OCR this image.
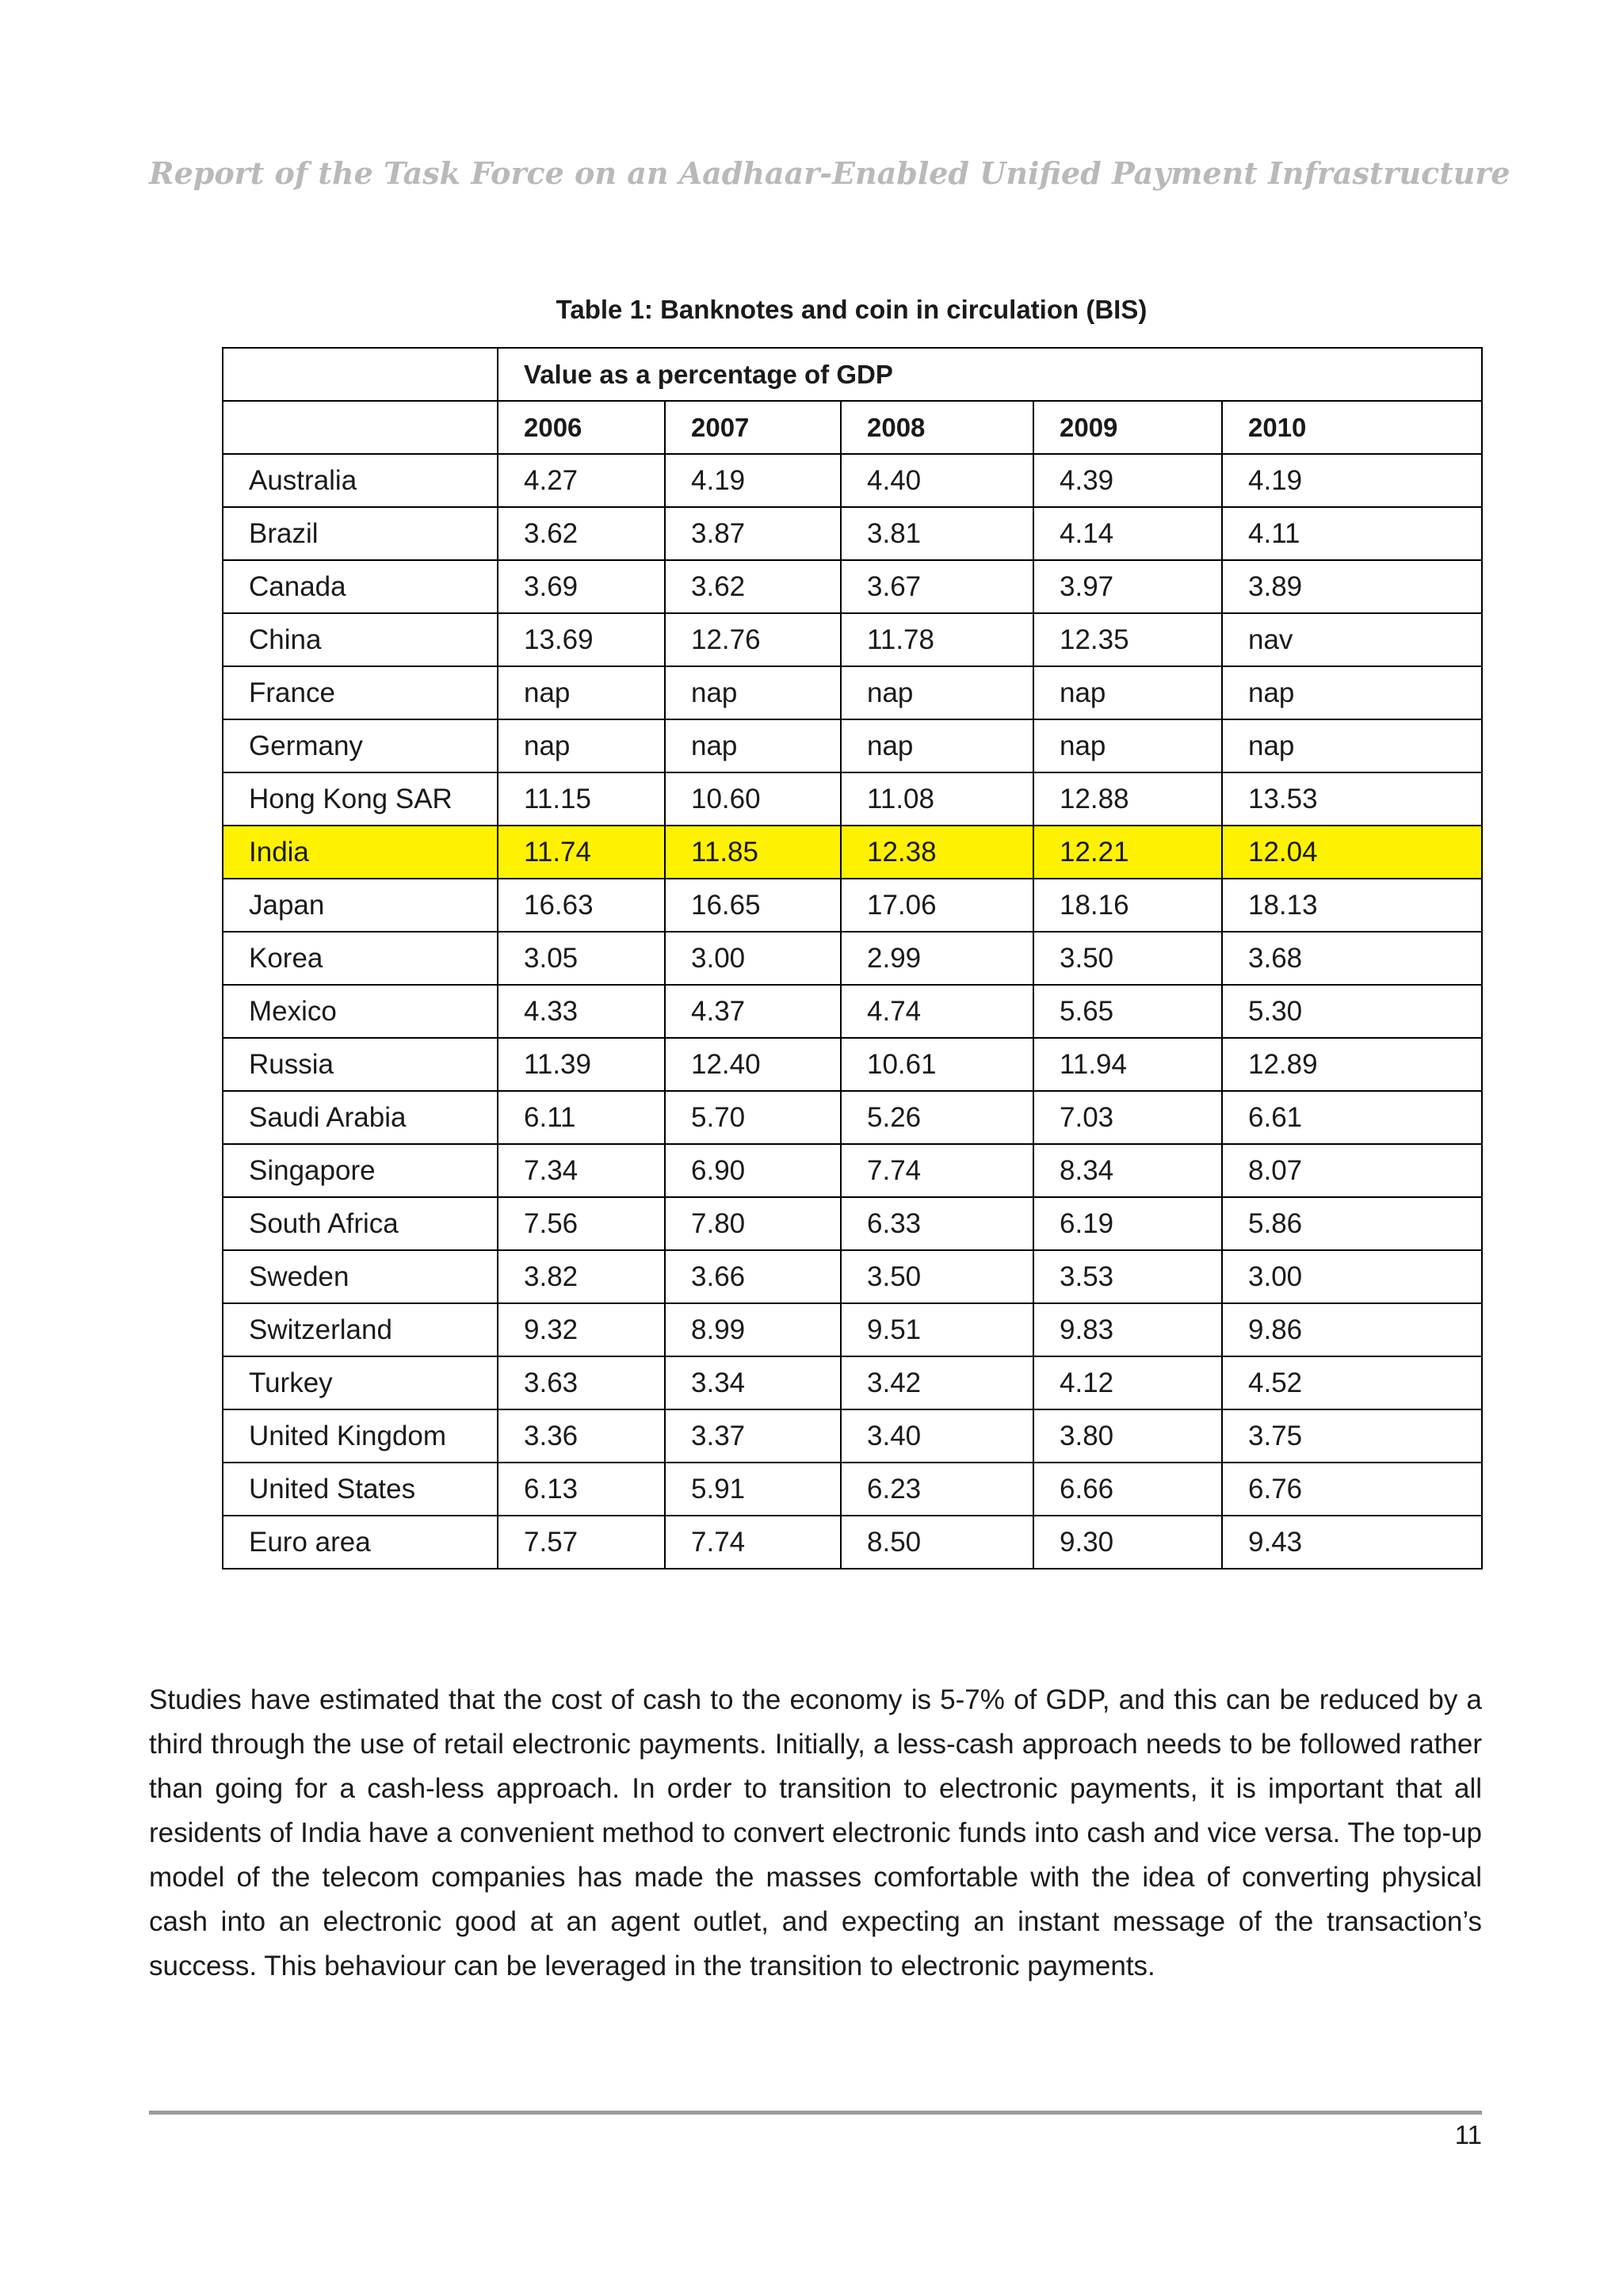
Report of the Task Force on an Aadhaar-Enabled Unified Payment Infrastructure
Table 1: Banknotes and coin in circulation (BIS)
	Value as a percentage of GDP				
	2006	2007	2008	2009	2010
Australia	4.27	4.19	4.40	4.39	4.19
Brazil	3.62	3.87	3.81	4.14	4.11
Canada	3.69	3.62	3.67	3.97	3.89
China	13.69	12.76	11.78	12.35	nav
France	nap	nap	nap	nap	nap
Germany	nap	nap	nap	nap	nap
Hong Kong SAR	11.15	10.60	11.08	12.88	13.53
India	11.74	11.85	12.38	12.21	12.04
Japan	16.63	16.65	17.06	18.16	18.13
Korea	3.05	3.00	2.99	3.50	3.68
Mexico	4.33	4.37	4.74	5.65	5.30
Russia	11.39	12.40	10.61	11.94	12.89
Saudi Arabia	6.11	5.70	5.26	7.03	6.61
Singapore	7.34	6.90	7.74	8.34	8.07
South Africa	7.56	7.80	6.33	6.19	5.86
Sweden	3.82	3.66	3.50	3.53	3.00
Switzerland	9.32	8.99	9.51	9.83	9.86
Turkey	3.63	3.34	3.42	4.12	4.52
United Kingdom	3.36	3.37	3.40	3.80	3.75
United States	6.13	5.91	6.23	6.66	6.76
Euro area	7.57	7.74	8.50	9.30	9.43
Studies have estimated that the cost of cash to the economy is 5-7% of GDP, and this can be reduced by a third through the use of retail electronic payments. Initially, a less-cash approach needs to be followed rather than going for a cash-less approach. In order to transition to electronic payments, it is important that all residents of India have a convenient method to convert electronic funds into cash and vice versa. The top-up model of the telecom companies has made the masses comfortable with the idea of converting physical cash into an electronic good at an agent outlet, and expecting an instant message of the transaction’s success. This behaviour can be leveraged in the transition to electronic payments.
11
